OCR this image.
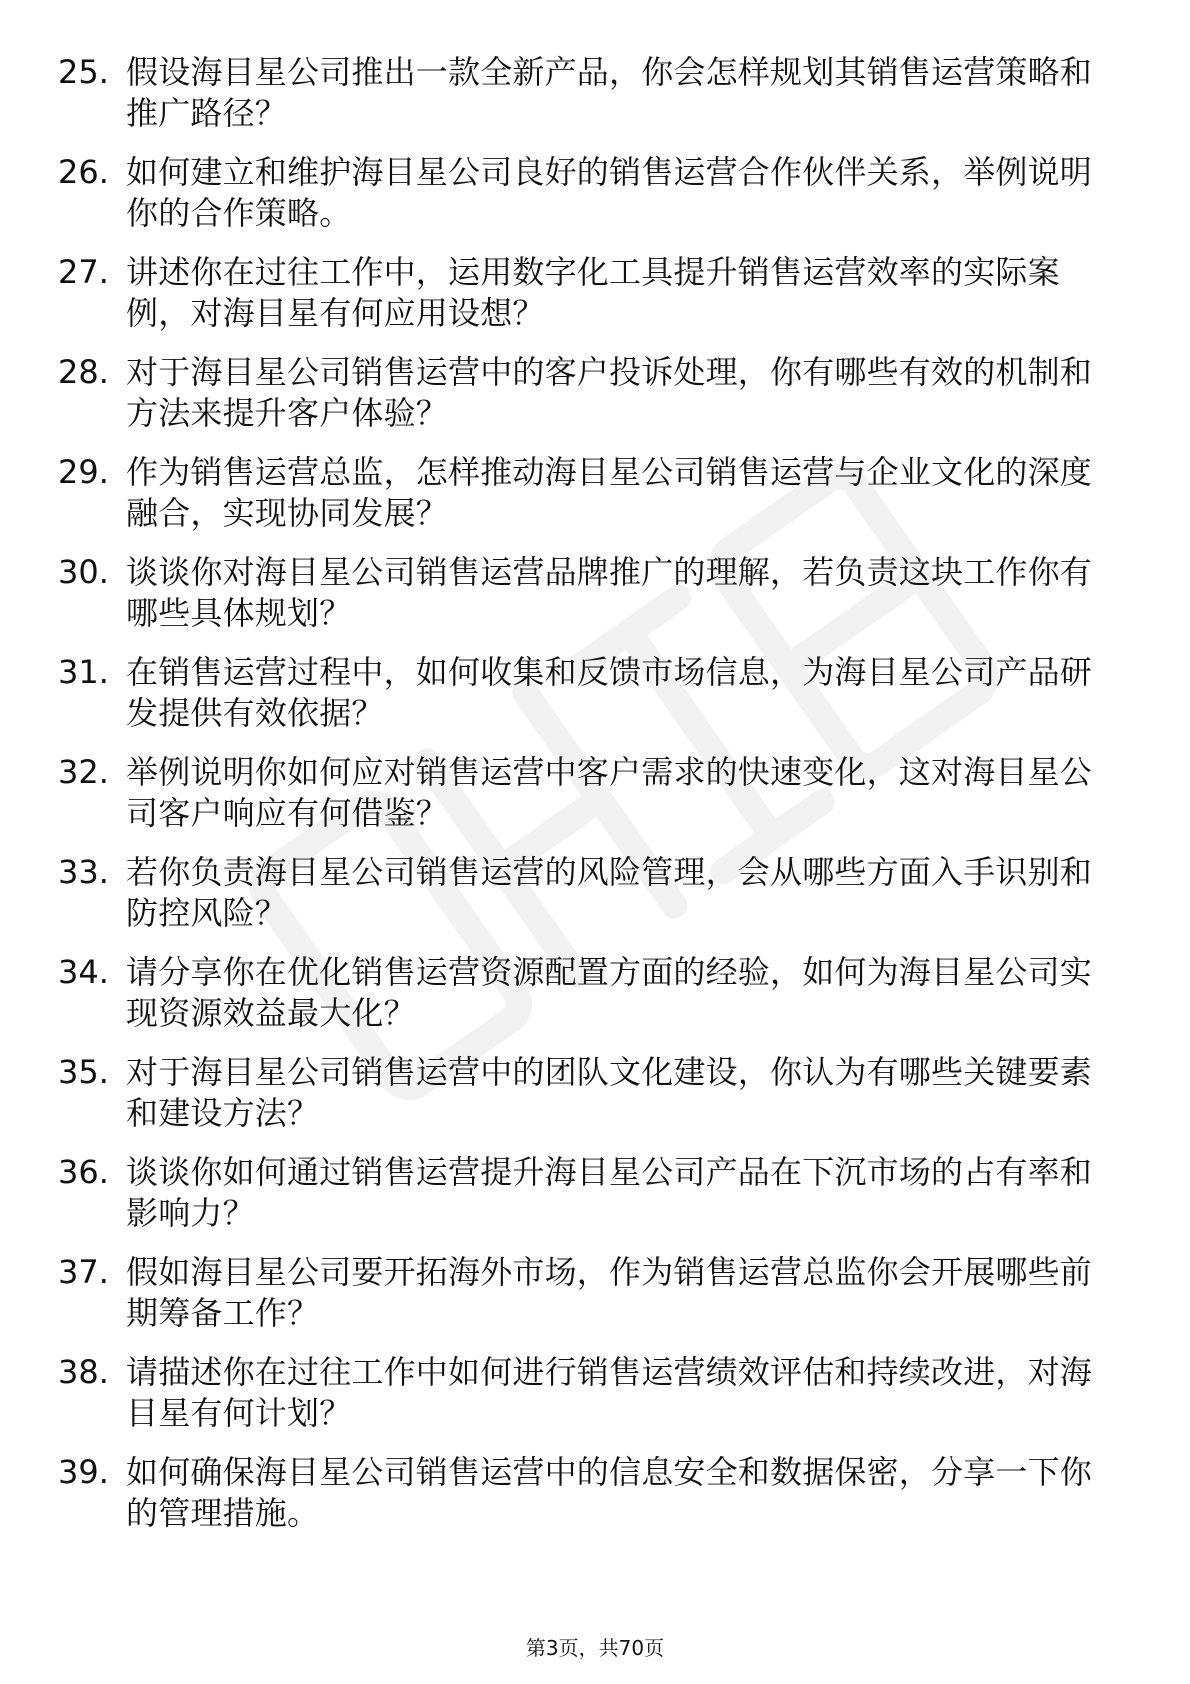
25. 假设海目星公司推出一款全新产品，你会怎样规划其销售运营策略和推广路径？
26. 如何建立和维护海目星公司良好的销售运营合作伙伴关系，举例说明你的合作策略。
27. 讲述你在过往工作中，运用数字化工具提升销售运营效率的实际案例，对海目星有何应用设想？
28. 对于海目星公司销售运营中的客户投诉处理，你有哪些有效的机制和方法来提升客户体验？
29. 作为销售运营总监，怎样推动海目星公司销售运营与企业文化的深度融合，实现协同发展？
30. 谈谈你对海目星公司销售运营品牌推广的理解，若负责这块工作你有哪些具体规划？
31. 在销售运营过程中，如何收集和反馈市场信息，为海目星公司产品研发提供有效依据？
32. 举例说明你如何应对销售运营中客户需求的快速变化，这对海目星公司客户响应有何借鉴？
33. 若你负责海目星公司销售运营的风险管理，会从哪些方面入手识别和防控风险？
34. 请分享你在优化销售运营资源配置方面的经验，如何为海目星公司实现资源效益最大化？
35. 对于海目星公司销售运营中的团队文化建设，你认为有哪些关键要素和建设方法？
36. 谈谈你如何通过销售运营提升海目星公司产品在下沉市场的占有率和影响力？
37. 假如海目星公司要开拓海外市场，作为销售运营总监你会开展哪些前期筹备工作？
38. 请描述你在过往工作中如何进行销售运营绩效评估和持续改进，对海目星有何计划？
39. 如何确保海目星公司销售运营中的信息安全和数据保密，分享一下你的管理措施。
第3页，共70页
